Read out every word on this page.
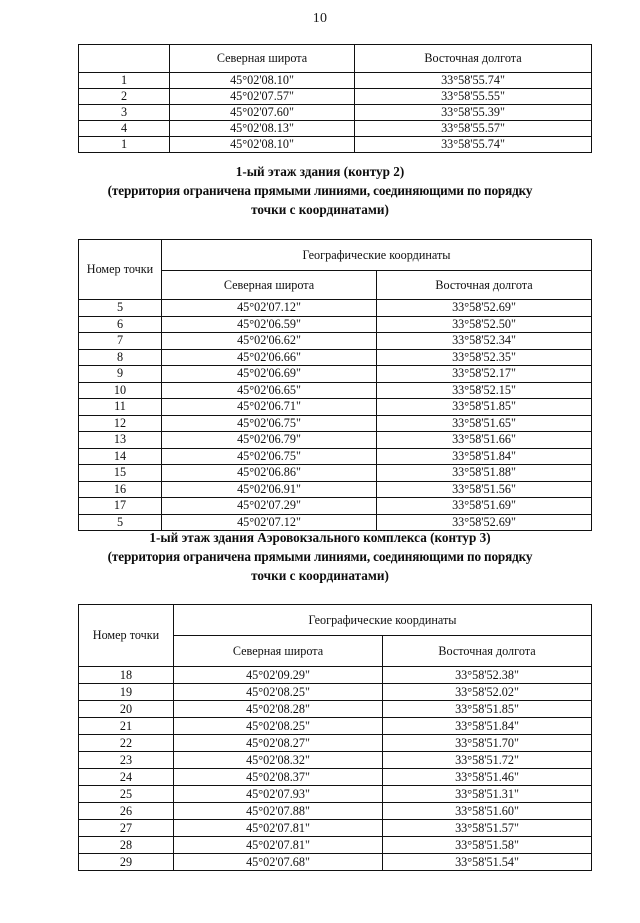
10
	Северная широта	Восточная долгота
1	45°02'08.10"	33°58'55.74"
2	45°02'07.57"	33°58'55.55"
3	45°02'07.60"	33°58'55.39"
4	45°02'08.13"	33°58'55.57"
1	45°02'08.10"	33°58'55.74"
1-ый этаж здания (контур 2)
(территория ограничена прямыми линиями, соединяющими по порядку
точки с координатами)
Номер точки	Географические координаты	
	Северная широта	Восточная долгота
5	45°02'07.12"	33°58'52.69"
6	45°02'06.59"	33°58'52.50"
7	45°02'06.62"	33°58'52.34"
8	45°02'06.66"	33°58'52.35"
9	45°02'06.69"	33°58'52.17"
10	45°02'06.65"	33°58'52.15"
11	45°02'06.71"	33°58'51.85"
12	45°02'06.75"	33°58'51.65"
13	45°02'06.79"	33°58'51.66"
14	45°02'06.75"	33°58'51.84"
15	45°02'06.86"	33°58'51.88"
16	45°02'06.91"	33°58'51.56"
17	45°02'07.29"	33°58'51.69"
5	45°02'07.12"	33°58'52.69"
1-ый этаж здания Аэровокзального комплекса (контур 3)
(территория ограничена прямыми линиями, соединяющими по порядку
точки с координатами)
Номер точки	Географические координаты	
	Северная широта	Восточная долгота
18	45°02'09.29"	33°58'52.38"
19	45°02'08.25"	33°58'52.02"
20	45°02'08.28"	33°58'51.85"
21	45°02'08.25"	33°58'51.84"
22	45°02'08.27"	33°58'51.70"
23	45°02'08.32"	33°58'51.72"
24	45°02'08.37"	33°58'51.46"
25	45°02'07.93"	33°58'51.31"
26	45°02'07.88"	33°58'51.60"
27	45°02'07.81"	33°58'51.57"
28	45°02'07.81"	33°58'51.58"
29	45°02'07.68"	33°58'51.54"
